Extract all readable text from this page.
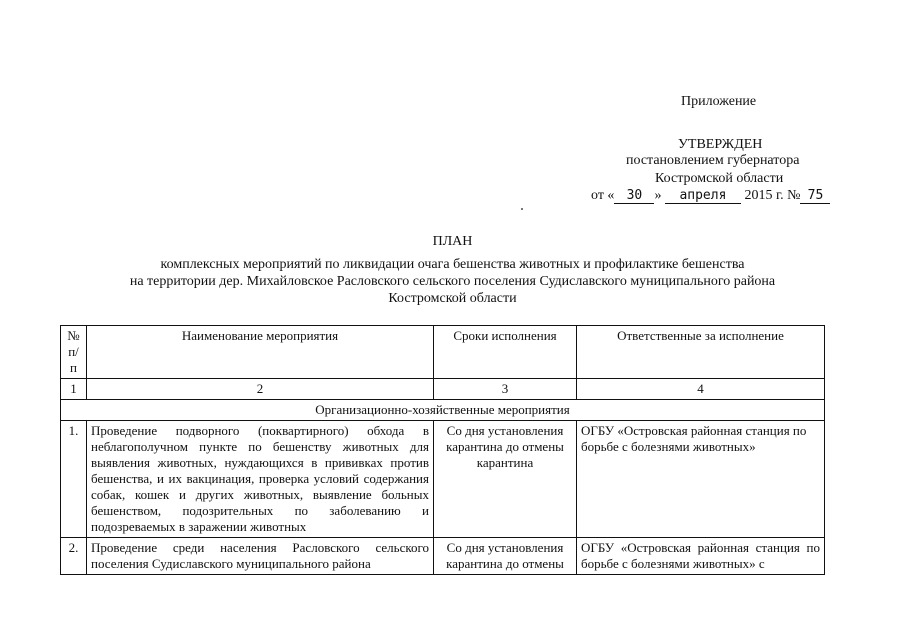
Приложение
УТВЕРЖДЕН
постановлением губернатора
Костромской области
от « 30 » апреля 2015 г. № 75
ПЛАН
комплексных мероприятий по ликвидации очага бешенства животных и профилактике бешенства
на территории дер. Михайловское Расловского сельского поселения Судиславского муниципального района
Костромской области
№ п/п	Наименование мероприятия	Сроки исполнения	Ответственные за исполнение
1	2	3	4
Организационно-хозяйственные мероприятия			
1.	Проведение подворного (поквартирного) обхода в неблагополучном пункте по бешенству животных для выявления животных, нуждающихся в прививках против бешенства, и их вакцинация, проверка условий содержания собак, кошек и других животных, выявление больных бешенством, подозрительных по заболеванию и подозреваемых в заражении животных	Со дня установления карантина до отмены карантина	ОГБУ «Островская районная станция по борьбе с болезнями животных»
2.	Проведение среди населения Расловского сельского поселения Судиславского муниципального района	Со дня установления карантина до отмены	ОГБУ «Островская районная станция по борьбе с болезнями животных» с
